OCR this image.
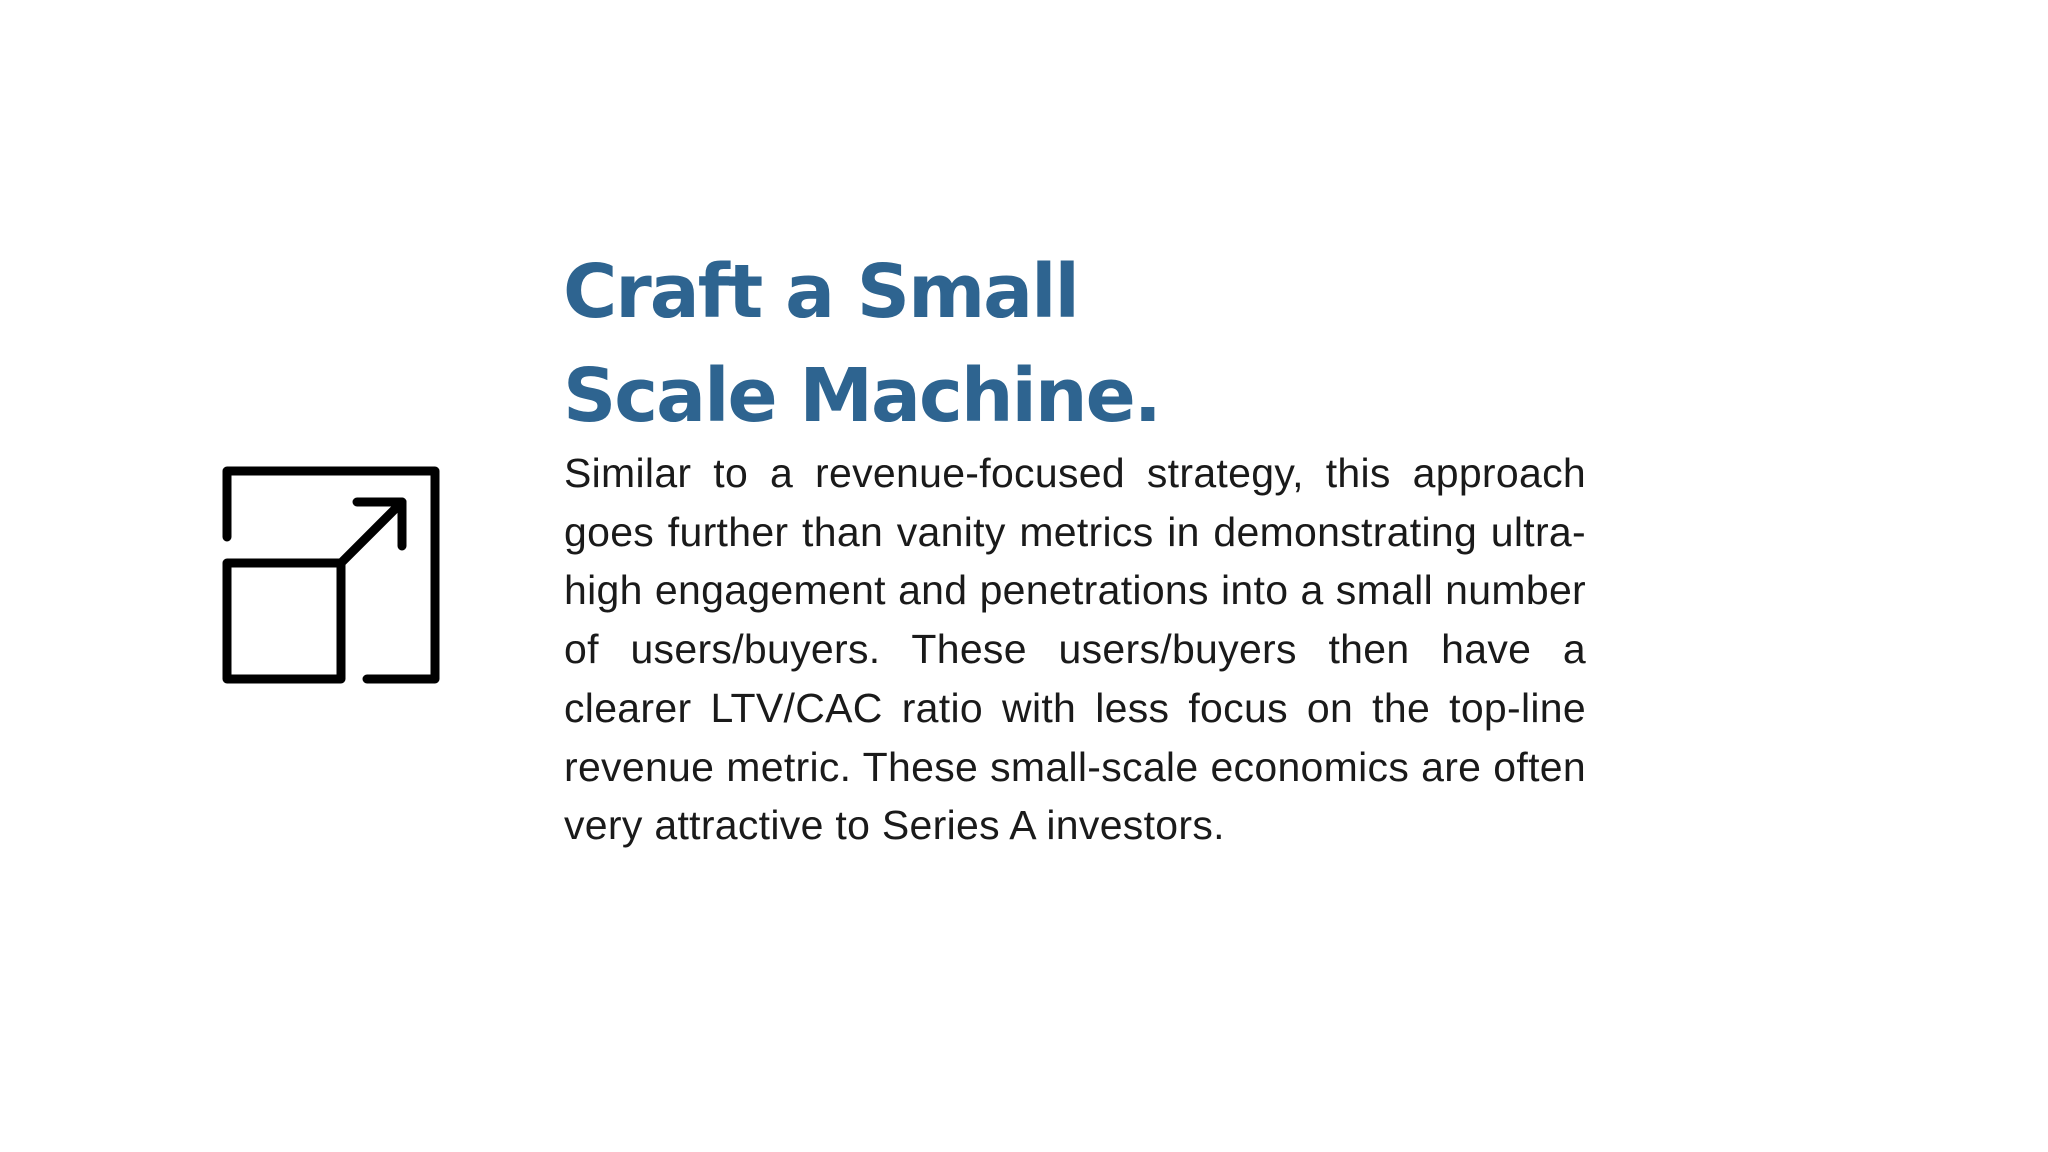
Craft a Small
Scale Machine.

Similar to a revenue-focused strategy, this approach goes further than vanity metrics in demonstrating ultra-high engagement and penetrations into a small number of users/buyers. These users/buyers then have a clearer LTV/CAC ratio with less focus on the top-line revenue metric. These small-scale economics are often very attractive to Series A investors.
